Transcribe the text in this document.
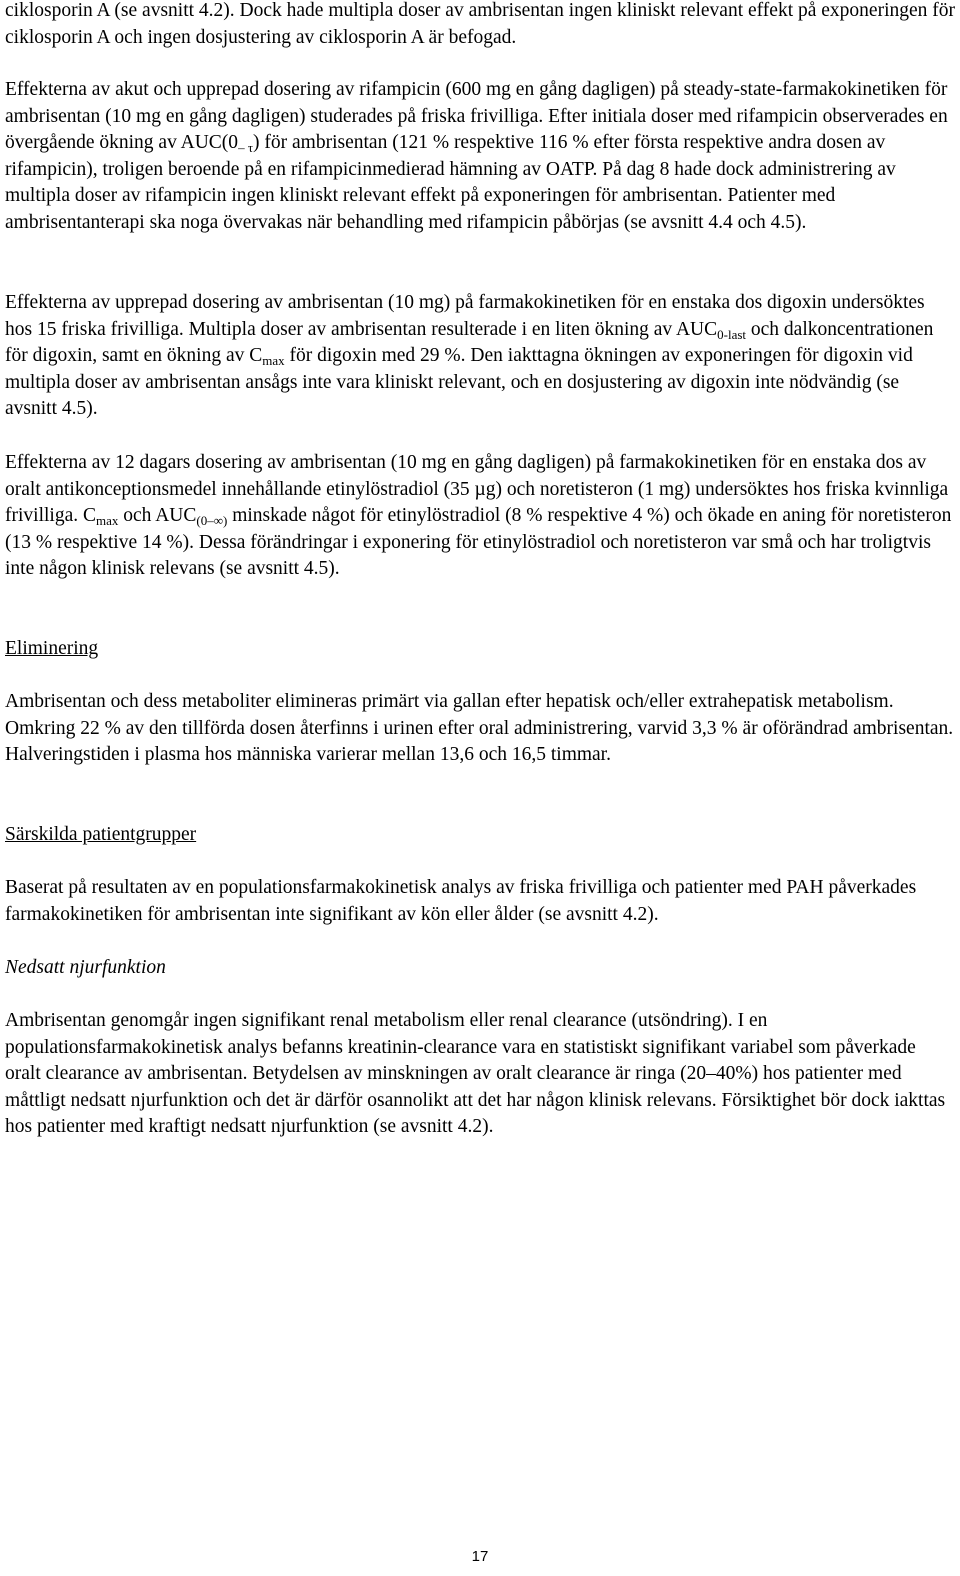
ciklosporin A (se avsnitt 4.2). Dock hade multipla doser av ambrisentan ingen kliniskt relevant effekt på exponeringen för ciklosporin A och ingen dosjustering av ciklosporin A är befogad.

Effekterna av akut och upprepad dosering av rifampicin (600 mg en gång dagligen) på steady-state-farmakokinetiken för ambrisentan (10 mg en gång dagligen) studerades på friska frivilliga. Efter initiala doser med rifampicin observerades en övergående ökning av $AUC(0_{- \tau})$ för ambrisentan (121 % respektive 116 % efter första respektive andra dosen av rifampicin), troligen beroende på en rifampicinmedierad hämning av OATP. På dag 8 hade dock administrering av multipla doser av rifampicin ingen kliniskt relevant effekt på exponeringen för ambrisentan. Patienter med ambrisentanterapi ska noga övervakas när behandling med rifampicin påbörjas (se avsnitt 4.4 och 4.5).

Effekterna av upprepad dosering av ambrisentan (10 mg) på farmakokinetiken för en enstaka dos digoxin undersöktes hos 15 friska frivilliga. Multipla doser av ambrisentan resulterade i en liten ökning av $AUC_{0-last}$ och dalkoncentrationen för digoxin, samt en ökning av $C_{max}$ för digoxin med 29 %. Den iakttagna ökningen av exponeringen för digoxin vid multipla doser av ambrisentan ansågs inte vara kliniskt relevant, och en dosjustering av digoxin inte nödvändig (se avsnitt 4.5).

Effekterna av 12 dagars dosering av ambrisentan (10 mg en gång dagligen) på farmakokinetiken för en enstaka dos av oralt antikonceptionsmedel innehållande etinylöstradiol (35 µg) och noretisteron (1 mg) undersöktes hos friska kvinnliga frivilliga. $C_{max}$ och $AUC_{(0-\infty)}$ minskade något för etinylöstradiol (8 % respektive 4 %) och ökade en aning för noretisteron (13 % respektive 14 %). Dessa förändringar i exponering för etinylöstradiol och noretisteron var små och har troligtvis inte någon klinisk relevans (se avsnitt 4.5).

Eliminering

Ambrisentan och dess metaboliter elimineras primärt via gallan efter hepatisk och/eller extrahepatisk metabolism. Omkring 22 % av den tillförda dosen återfinns i urinen efter oral administrering, varvid 3,3 % är oförändrad ambrisentan. Halveringstiden i plasma hos människa varierar mellan 13,6 och 16,5 timmar.

Särskilda patientgrupper

Baserat på resultaten av en populationsfarmakokinetisk analys av friska frivilliga och patienter med PAH påverkades farmakokinetiken för ambrisentan inte signifikant av kön eller ålder (se avsnitt 4.2).

Nedsatt njurfunktion

Ambrisentan genomgår ingen signifikant renal metabolism eller renal clearance (utsöndring). I en populationsfarmakokinetisk analys befanns kreatinin-clearance vara en statistiskt signifikant variabel som påverkade oralt clearance av ambrisentan. Betydelsen av minskningen av oralt clearance är ringa (20–40%) hos patienter med måttligt nedsatt njurfunktion och det är därför osannolikt att det har någon klinisk relevans. Försiktighet bör dock iakttas hos patienter med kraftigt nedsatt njurfunktion (se avsnitt 4.2).

17
